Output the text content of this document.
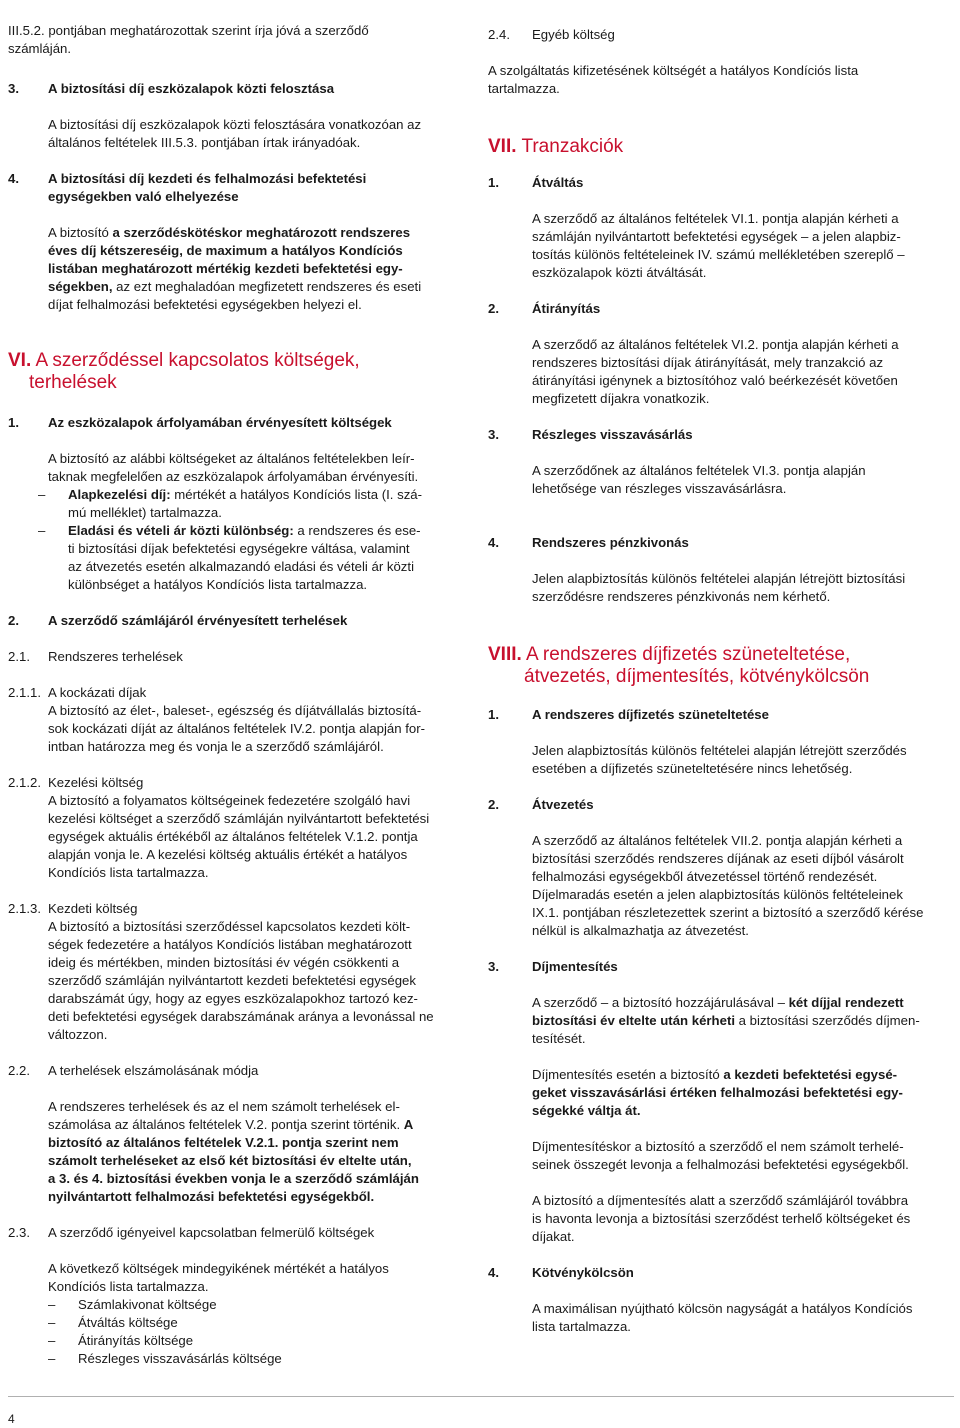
III.5.2. pontjában meghatározottak szerint írja jóvá a szerződő
számláján.
3. A biztosítási díj eszközalapok közti felosztása
A biztosítási díj eszközalapok közti felosztására vonatkozóan az
általános feltételek III.5.3. pontjában írtak irányadóak.
4. A biztosítási díj kezdeti és felhalmozási befektetési
egységekben való elhelyezése
A biztosító a szerződéskötéskor meghatározott rendszeres
éves díj kétszereséig, de maximum a hatályos Kondíciós
listában meghatározott mértékig kezdeti befektetési egy-
ségekben, az ezt meghaladóan megfizetett rendszeres és eseti
díjat felhalmozási befektetési egységekben helyezi el.
VI. A szerződéssel kapcsolatos költségek,
terhelések
1. Az eszközalapok árfolyamában érvényesített költségek
A biztosító az alábbi költségeket az általános feltételekben leír-
taknak megfelelően az eszközalapok árfolyamában érvényesíti.
– Alapkezelési díj: mértékét a hatályos Kondíciós lista (I. szá-
mú melléklet) tartalmazza.
– Eladási és vételi ár közti különbség: a rendszeres és ese-
ti biztosítási díjak befektetési egységekre váltása, valamint
az átvezetés esetén alkalmazandó eladási és vételi ár közti
különbséget a hatályos Kondíciós lista tartalmazza.
2. A szerződő számlájáról érvényesített terhelések
2.1. Rendszeres terhelések
2.1.1. A kockázati díjak
A biztosító az élet-, baleset-, egészség és díjátvállalás biztosítá-
sok kockázati díját az általános feltételek IV.2. pontja alapján for-
intban határozza meg és vonja le a szerződő számlájáról.
2.1.2. Kezelési költség
A biztosító a folyamatos költségeinek fedezetére szolgáló havi
kezelési költséget a szerződő számláján nyilvántartott befektetési
egységek aktuális értékéből az általános feltételek V.1.2. pontja
alapján vonja le. A kezelési költség aktuális értékét a hatályos
Kondíciós lista tartalmazza.
2.1.3. Kezdeti költség
A biztosító a biztosítási szerződéssel kapcsolatos kezdeti költ-
ségek fedezetére a hatályos Kondíciós listában meghatározott
ideig és mértékben, minden biztosítási év végén csökkenti a
szerződő számláján nyilvántartott kezdeti befektetési egységek
darabszámát úgy, hogy az egyes eszközalapokhoz tartozó kez-
deti befektetési egységek darabszámának aránya a levonással ne
változzon.
2.2. A terhelések elszámolásának módja
A rendszeres terhelések és az el nem számolt terhelések el-
számolása az általános feltételek V.2. pontja szerint történik. A
biztosító az általános feltételek V.2.1. pontja szerint nem
számolt terheléseket az első két biztosítási év eltelte után,
a 3. és 4. biztosítási években vonja le a szerződő számláján
nyilvántartott felhalmozási befektetési egységekből.
2.3. A szerződő igényeivel kapcsolatban felmerülő költségek
A következő költségek mindegyikének mértékét a hatályos
Kondíciós lista tartalmazza.
– Számlakivonat költsége
– Átváltás költsége
– Átirányítás költsége
– Részleges visszavásárlás költsége
2.4. Egyéb költség
A szolgáltatás kifizetésének költségét a hatályos Kondíciós lista
tartalmazza.
VII. Tranzakciók
1.	Átváltás
A szerződő az általános feltételek VI.1. pontja alapján kérheti a
számláján nyilvántartott befektetési egységek – a jelen alapbiz-
tosítás különös feltételeinek IV. számú mellékletében szereplő –
eszközalapok közti átváltását.
2.	Átirányítás
A szerződő az általános feltételek VI.2. pontja alapján kérheti a
rendszeres biztosítási díjak átirányítását, mely tranzakció az
átirányítási igénynek a biztosítóhoz való beérkezését követően
megfizetett díjakra vonatkozik.
3.	Részleges visszavásárlás
A szerződőnek az általános feltételek VI.3. pontja alapján
lehetősége van részleges visszavásárlásra.
4.	Rendszeres pénzkivonás
Jelen alapbiztosítás különös feltételei alapján létrejött biztosítási
szerződésre rendszeres pénzkivonás nem kérhető.
VIII. A rendszeres díjfizetés szüneteltetése,
átvezetés, díjmentesítés, kötvénykölcsön
1.	A rendszeres díjfizetés szüneteltetése
Jelen alapbiztosítás különös feltételei alapján létrejött szerződés
esetében a díjfizetés szüneteltetésére nincs lehetőség.
2.	Átvezetés
A szerződő az általános feltételek VII.2. pontja alapján kérheti a
biztosítási szerződés rendszeres díjának az eseti díjból vásárolt
felhalmozási egységekből átvezetéssel történő rendezését.
Díjelmaradás esetén a jelen alapbiztosítás különös feltételeinek
IX.1. pontjában részletezettek szerint a biztosító a szerződő kérése
nélkül is alkalmazhatja az átvezetést.
3.	Díjmentesítés
A szerződő – a biztosító hozzájárulásával – két díjjal rendezett
biztosítási év eltelte után kérheti a biztosítási szerződés díjmen-
tesítését.
Díjmentesítés esetén a biztosító a kezdeti befektetési egysé-
geket visszavásárlási értéken felhalmozási befektetési egy-
ségekké váltja át.
Díjmentesítéskor a biztosító a szerződő el nem számolt terhelé-
seinek összegét levonja a felhalmozási befektetési egységekből.
A biztosító a díjmentesítés alatt a szerződő számlájáról továbbra
is havonta levonja a biztosítási szerződést terhelő költségeket és
díjakat.
4.	Kötvénykölcsön
A maximálisan nyújtható kölcsön nagyságát a hatályos Kondíciós
lista tartalmazza.
4
